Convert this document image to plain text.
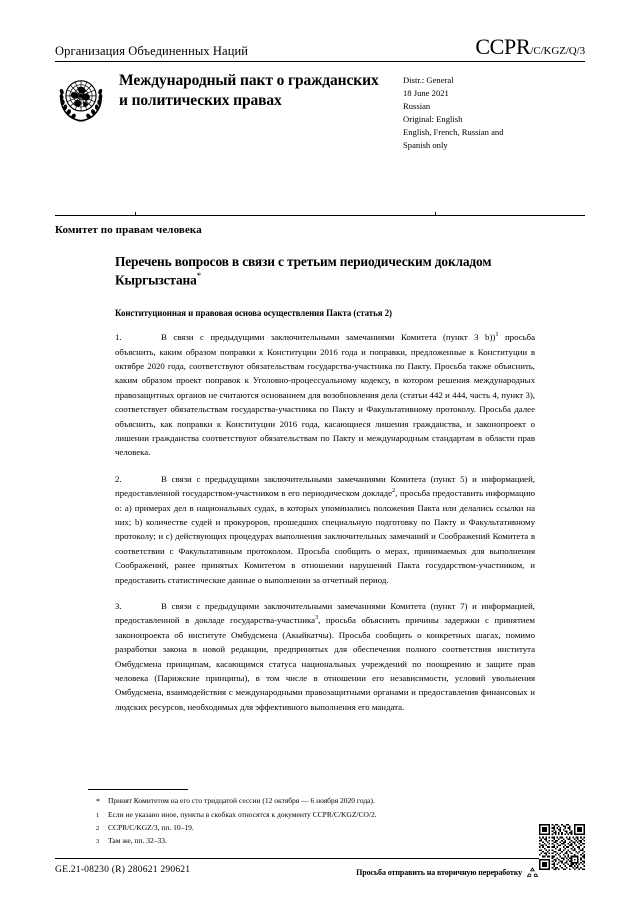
Организация Объединенных Наций	CCPR/C/KGZ/Q/3
Международный пакт о гражданских и политических правах
Distr.: General
18 June 2021
Russian
Original: English
English, French, Russian and
Spanish only
Комитет по правам человека
Перечень вопросов в связи с третьим периодическим докладом Кыргызстана*
Конституционная и правовая основа осуществления Пакта (статья 2)
1.	В связи с предыдущими заключительными замечаниями Комитета (пункт 3 b))$^1$ просьба объяснить, каким образом поправки к Конституции 2016 года и поправки, предложенные к Конституции в октябре 2020 года, соответствуют обязательствам государства-участника по Пакту. Просьба также объяснить, каким образом проект поправок к Уголовно-процессуальному кодексу, в котором решения международных правозащитных органов не считаются основанием для возобновления дела (статьи 442 и 444, часть 4, пункт 3), соответствует обязательствам государства-участника по Пакту и Факультативному протоколу. Просьба далее объяснить, как поправки к Конституции 2016 года, касающиеся лишения гражданства, и законопроект о лишении гражданства соответствуют обязательствам по Пакту и международным стандартам в области прав человека.
2.	В связи с предыдущими заключительными замечаниями Комитета (пункт 5) и информацией, предоставленной государством-участником в его периодическом докладе$^2$, просьба предоставить информацию о: a) примерах дел в национальных судах, в которых упоминались положения Пакта или делались ссылки на них; b) количестве судей и прокуроров, прошедших специальную подготовку по Пакту и Факультативному протоколу; и c) действующих процедурах выполнения заключительных замечаний и Соображений Комитета в соответствии с Факультативным протоколом. Просьба сообщить о мерах, принимаемых для выполнения Соображений, ранее принятых Комитетом в отношении нарушений Пакта государством-участником, и предоставить статистические данные о выполнении за отчетный период.
3.	В связи с предыдущими заключительными замечаниями Комитета (пункт 7) и информацией, предоставленной в докладе государства-участника$^3$, просьба объяснить причины задержки с принятием законопроекта об институте Омбудсмена (Акыйкатчы). Просьба сообщить о конкретных шагах, помимо разработки закона в новой редакции, предпринятых для обеспечения полного соответствия института Омбудсмена принципам, касающимся статуса национальных учреждений по поощрению и защите прав человека (Парижские принципы), в том числе в отношении его независимости, условий увольнения Омбудсмена, взаимодействия с международными правозащитными органами и предоставления финансовых и людских ресурсов, необходимых для эффективного выполнения его мандата.
*	Принят Комитетом на его сто тридцатой сессии (12 октября — 6 ноября 2020 года).
1	Если не указано иное, пункты в скобках относятся к документу CCPR/C/KGZ/CO/2.
2	CCPR/C/KGZ/3, пп. 10–19.
3	Там же, пп. 32–33.
GE.21-08230 (R) 280621 290621	Просьба отправить на вторичную переработку
